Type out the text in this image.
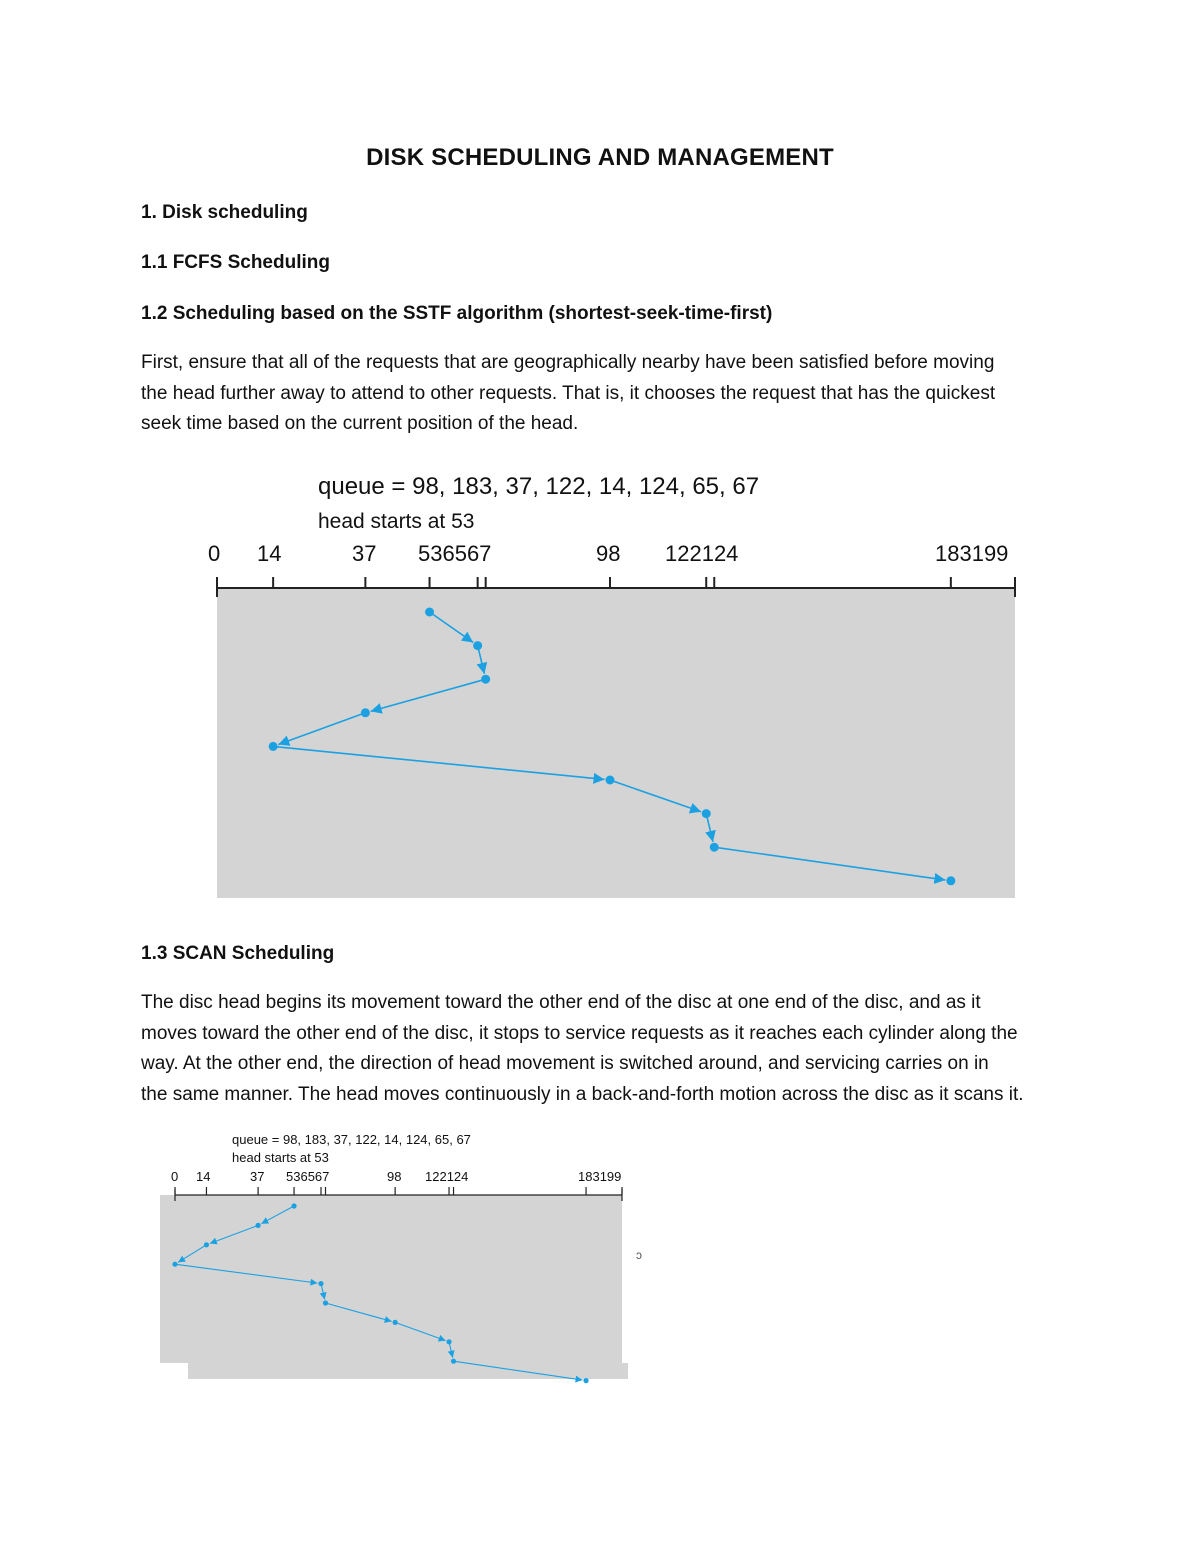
DISK SCHEDULING AND MANAGEMENT
1. Disk scheduling
1.1 FCFS Scheduling
1.2 Scheduling based on the SSTF algorithm (shortest-seek-time-first)
First, ensure that all of the requests that are geographically nearby have been satisfied before moving
the head further away to attend to other requests. That is, it chooses the request that has the quickest
seek time based on the current position of the head.
queue = 98, 183, 37, 122, 14, 124, 65, 67
head starts at 53
0 14	37 536567	98 122124	183199
1.3 SCAN Scheduling
The disc head begins its movement toward the other end of the disc at one end of the disc, and as it
moves toward the other end of the disc, it stops to service requests as it reaches each cylinder along the
way. At the other end, the direction of head movement is switched around, and servicing carries on in
the same manner. The head moves continuously in a back-and-forth motion across the disc as it scans it.
queue = 98, 183, 37, 122, 14, 124, 65, 67
head starts at 53
0 14	37 536567	98 122124	183199
ɔ
